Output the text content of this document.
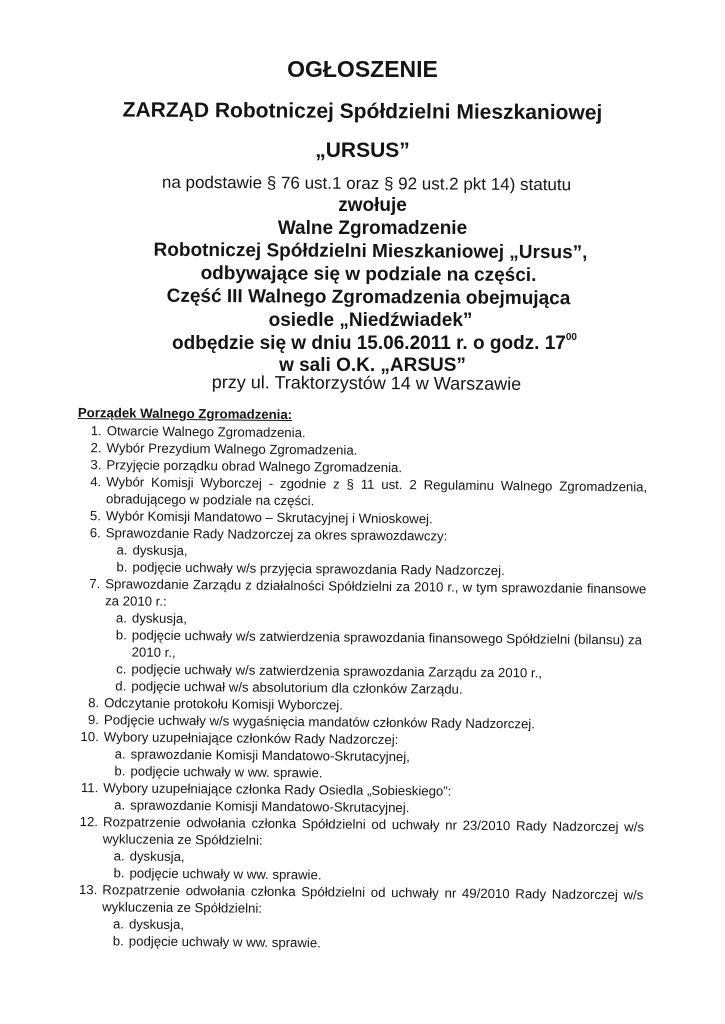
OGŁOSZENIE
ZARZĄD Robotniczej Spółdzielni Mieszkaniowej
„URSUS”
na podstawie § 76 ust.1 oraz § 92 ust.2 pkt 14) statutu
zwołuje
Walne Zgromadzenie
Robotniczej Spółdzielni Mieszkaniowej „Ursus”,
odbywające się w podziale na części.
Część III Walnego Zgromadzenia obejmująca
osiedle „Niedźwiadek”
odbędzie się w dniu 15.06.2011 r. o godz. $17^{00}$
w sali O.K. „ARSUS”
przy ul. Traktorzystów 14 w Warszawie
Porządek Walnego Zgromadzenia:
1. Otwarcie Walnego Zgromadzenia.
2. Wybór Prezydium Walnego Zgromadzenia.
3. Przyjęcie porządku obrad Walnego Zgromadzenia.
4. Wybór Komisji Wyborczej - zgodnie z § 11 ust. 2 Regulaminu Walnego Zgromadzenia, obradującego w podziale na części.
5. Wybór Komisji Mandatowo – Skrutacyjnej i Wnioskowej.
6. Sprawozdanie Rady Nadzorczej za okres sprawozdawczy:
a. dyskusja,
b. podjęcie uchwały w/s przyjęcia sprawozdania Rady Nadzorczej.
7. Sprawozdanie Zarządu z działalności Spółdzielni za 2010 r., w tym sprawozdanie finansowe za 2010 r.:
a. dyskusja,
b. podjęcie uchwały w/s zatwierdzenia sprawozdania finansowego Spółdzielni (bilansu) za 2010 r.,
c. podjęcie uchwały w/s zatwierdzenia sprawozdania Zarządu za 2010 r.,
d. podjęcie uchwał w/s absolutorium dla członków Zarządu.
8. Odczytanie protokołu Komisji Wyborczej.
9. Podjęcie uchwały w/s wygaśnięcia mandatów członków Rady Nadzorczej.
10. Wybory uzupełniające członków Rady Nadzorczej:
a. sprawozdanie Komisji Mandatowo-Skrutacyjnej,
b. podjęcie uchwały w ww. sprawie.
11. Wybory uzupełniające członka Rady Osiedla „Sobieskiego”:
a. sprawozdanie Komisji Mandatowo-Skrutacyjnej.
12. Rozpatrzenie odwołania członka Spółdzielni od uchwały nr 23/2010 Rady Nadzorczej w/s wykluczenia ze Spółdzielni:
a. dyskusja,
b. podjęcie uchwały w ww. sprawie.
13. Rozpatrzenie odwołania członka Spółdzielni od uchwały nr 49/2010 Rady Nadzorczej w/s wykluczenia ze Spółdzielni:
a. dyskusja,
b. podjęcie uchwały w ww. sprawie.
